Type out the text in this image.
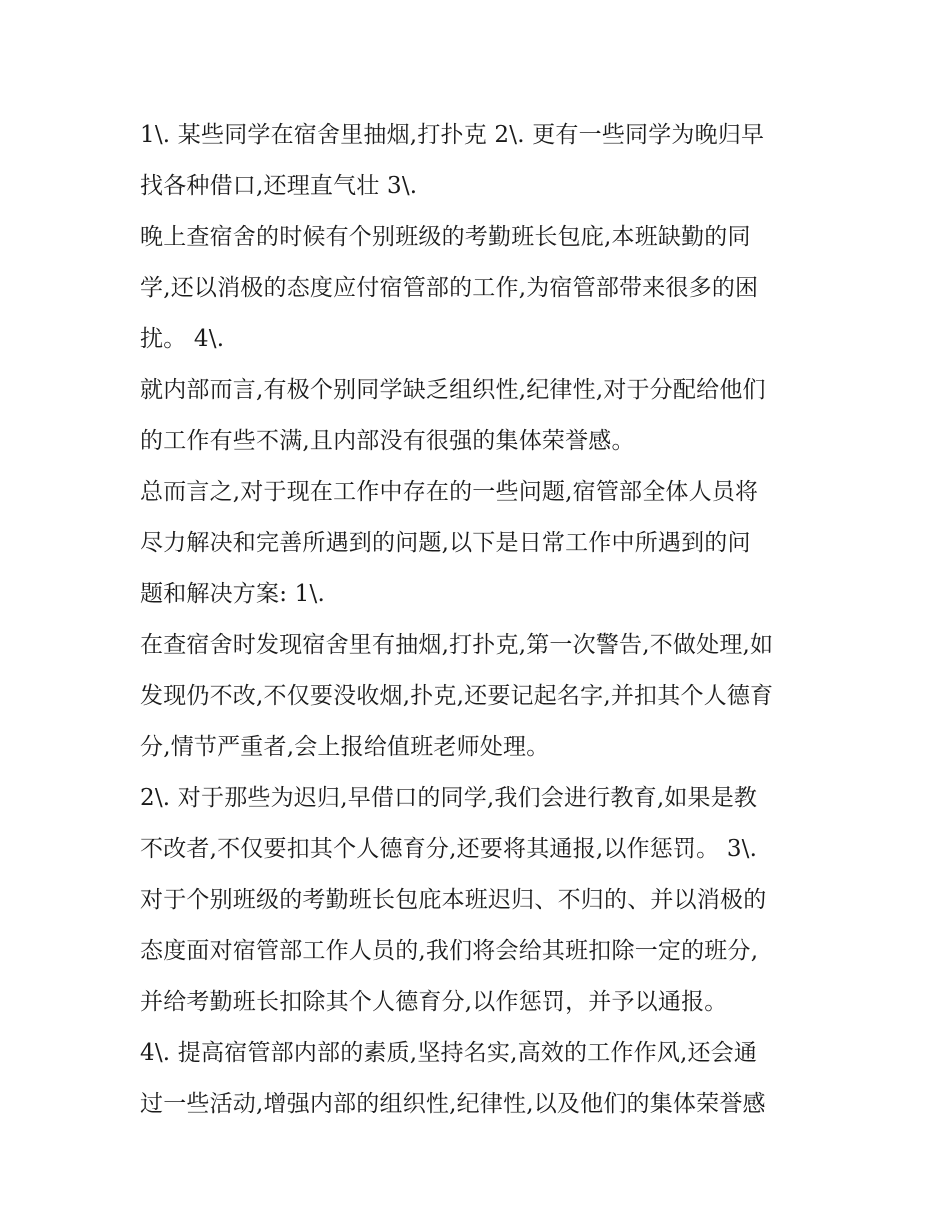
1\. 某些同学在宿舍里抽烟,打扑克 2\. 更有一些同学为晚归早
找各种借口,还理直气壮 3\.
晚上查宿舍的时候有个别班级的考勤班长包庇,本班缺勤的同
学,还以消极的态度应付宿管部的工作,为宿管部带来很多的困
扰。 4\.
就内部而言,有极个别同学缺乏组织性,纪律性,对于分配给他们
的工作有些不满,且内部没有很强的集体荣誉感。
总而言之,对于现在工作中存在的一些问题,宿管部全体人员将
尽力解决和完善所遇到的问题,以下是日常工作中所遇到的问
题和解决方案: 1\.
在查宿舍时发现宿舍里有抽烟,打扑克,第一次警告,不做处理,如
发现仍不改,不仅要没收烟,扑克,还要记起名字,并扣其个人德育
分,情节严重者,会上报给值班老师处理。
2\. 对于那些为迟归,早借口的同学,我们会进行教育,如果是教
不改者,不仅要扣其个人德育分,还要将其通报,以作惩罚。 3\.
对于个别班级的考勤班长包庇本班迟归、不归的、并以消极的
态度面对宿管部工作人员的,我们将会给其班扣除一定的班分,
并给考勤班长扣除其个人德育分,以作惩罚，并予以通报。
4\. 提高宿管部内部的素质,坚持名实,高效的工作作风,还会通
过一些活动,增强内部的组织性,纪律性,以及他们的集体荣誉感
